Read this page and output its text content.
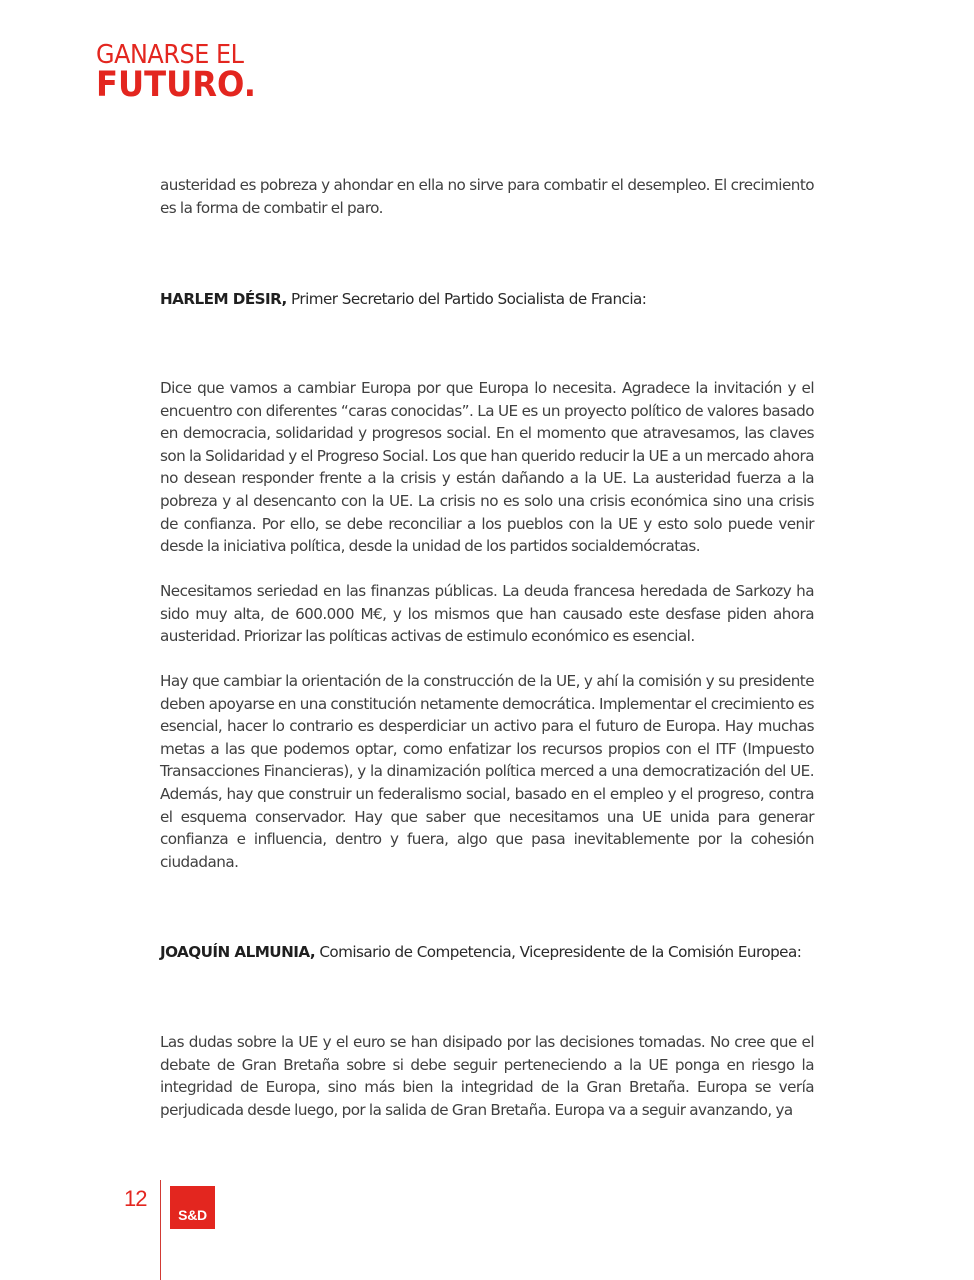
GANARSE EL
FUTURO.

austeridad es pobreza y ahondar en ella no sirve para combatir el desempleo. El crecimiento es la forma de combatir el paro.

HARLEM DÉSIR, Primer Secretario del Partido Socialista de Francia:

Dice que vamos a cambiar Europa por que Europa lo necesita. Agradece la invitación y el encuentro con diferentes “caras conocidas”. La UE es un proyecto político de valores basado en democracia, solidaridad y progresos social. En el momento que atravesamos, las claves son la Solidaridad y el Progreso Social. Los que han querido reducir la UE a un mercado ahora no desean responder frente a la crisis y están dañando a la UE. La austeridad fuerza a la pobreza y al desencanto con la UE. La crisis no es solo una crisis económica sino una crisis de confianza. Por ello, se debe reconciliar a los pueblos con la UE y esto solo puede venir desde la iniciativa política, desde la unidad de los partidos socialdemócratas.

Necesitamos seriedad en las finanzas públicas. La deuda francesa heredada de Sarkozy ha sido muy alta, de 600.000 M€, y los mismos que han causado este desfase piden ahora austeridad. Priorizar las políticas activas de estimulo económico es esencial.

Hay que cambiar la orientación de la construcción de la UE, y ahí la comisión y su presidente deben apoyarse en una constitución netamente democrática. Implementar el crecimiento es esencial, hacer lo contrario es desperdiciar un activo para el futuro de Europa. Hay muchas metas a las que podemos optar, como enfatizar los recursos propios con el ITF (Impuesto Transacciones Financieras), y la dinamización política merced a una democratización del UE. Además, hay que construir un federalismo social, basado en el empleo y el progreso, contra el esquema conservador. Hay que saber que necesitamos una UE unida para generar confianza e influencia, dentro y fuera, algo que pasa inevitablemente por la cohesión ciudadana.

JOAQUÍN ALMUNIA, Comisario de Competencia, Vicepresidente de la Comisión Europea:

Las dudas sobre la UE y el euro se han disipado por las decisiones tomadas. No cree que el debate de Gran Bretaña sobre si debe seguir perteneciendo a la UE ponga en riesgo la integridad de Europa, sino más bien la integridad de la Gran Bretaña. Europa se vería perjudicada desde luego, por la salida de Gran Bretaña. Europa va a seguir avanzando, ya

12
S&D
